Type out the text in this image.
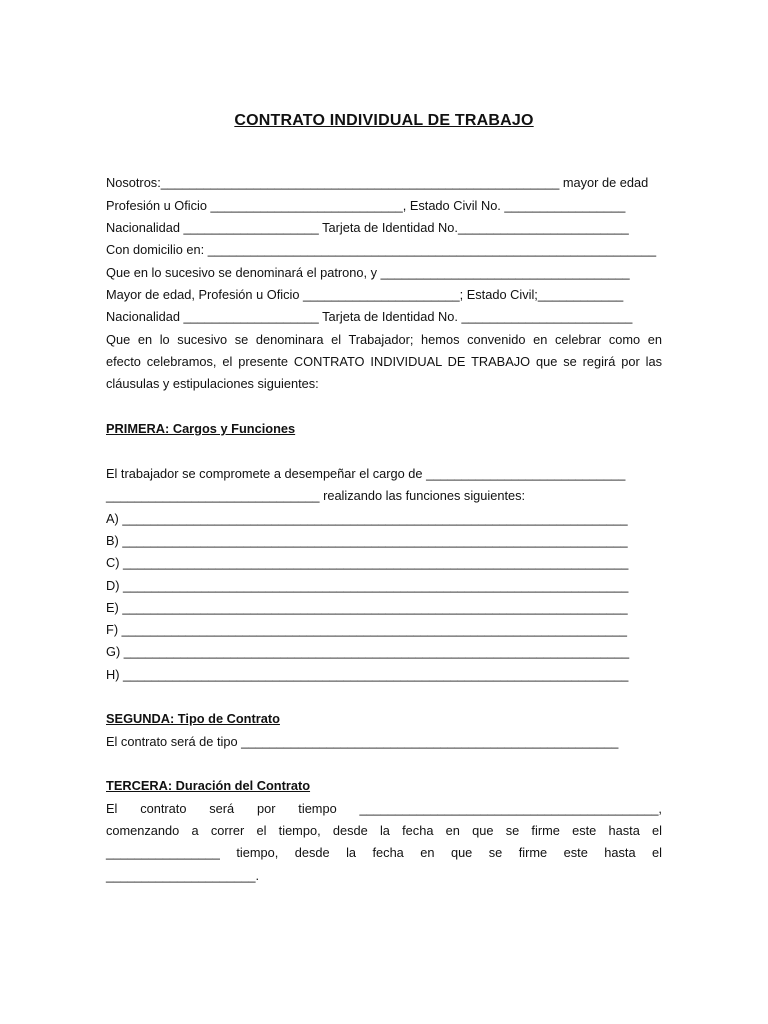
CONTRATO INDIVIDUAL DE TRABAJO
Nosotros:________________________________________________________ mayor de edad
Profesión u Oficio ___________________________, Estado Civil No. _________________
Nacionalidad ___________________ Tarjeta de Identidad No.________________________
Con domicilio en: _______________________________________________________________
Que en lo sucesivo se denominará el patrono, y ___________________________________
Mayor de edad, Profesión u Oficio ______________________; Estado Civil;____________
Nacionalidad ___________________ Tarjeta de Identidad No. ________________________
Que en lo sucesivo se denominara el Trabajador; hemos convenido en celebrar como en
efecto celebramos, el presente CONTRATO INDIVIDUAL DE TRABAJO que se regirá por las
cláusulas y estipulaciones siguientes:
PRIMERA: Cargos y Funciones
El trabajador se compromete a desempeñar el cargo de ____________________________
______________________________ realizando las funciones siguientes:
A) _______________________________________________________________________
B) _______________________________________________________________________
C) _______________________________________________________________________
D) _______________________________________________________________________
E) _______________________________________________________________________
F) _______________________________________________________________________
G) _______________________________________________________________________
H) _______________________________________________________________________
SEGUNDA: Tipo de Contrato
El contrato será de tipo _____________________________________________________
TERCERA: Duración del Contrato
El contrato será por tiempo __________________________________________,
comenzando a correr el tiempo, desde la fecha en que se firme este hasta el
________________ tiempo, desde la fecha en que se firme este hasta el
_____________________.
